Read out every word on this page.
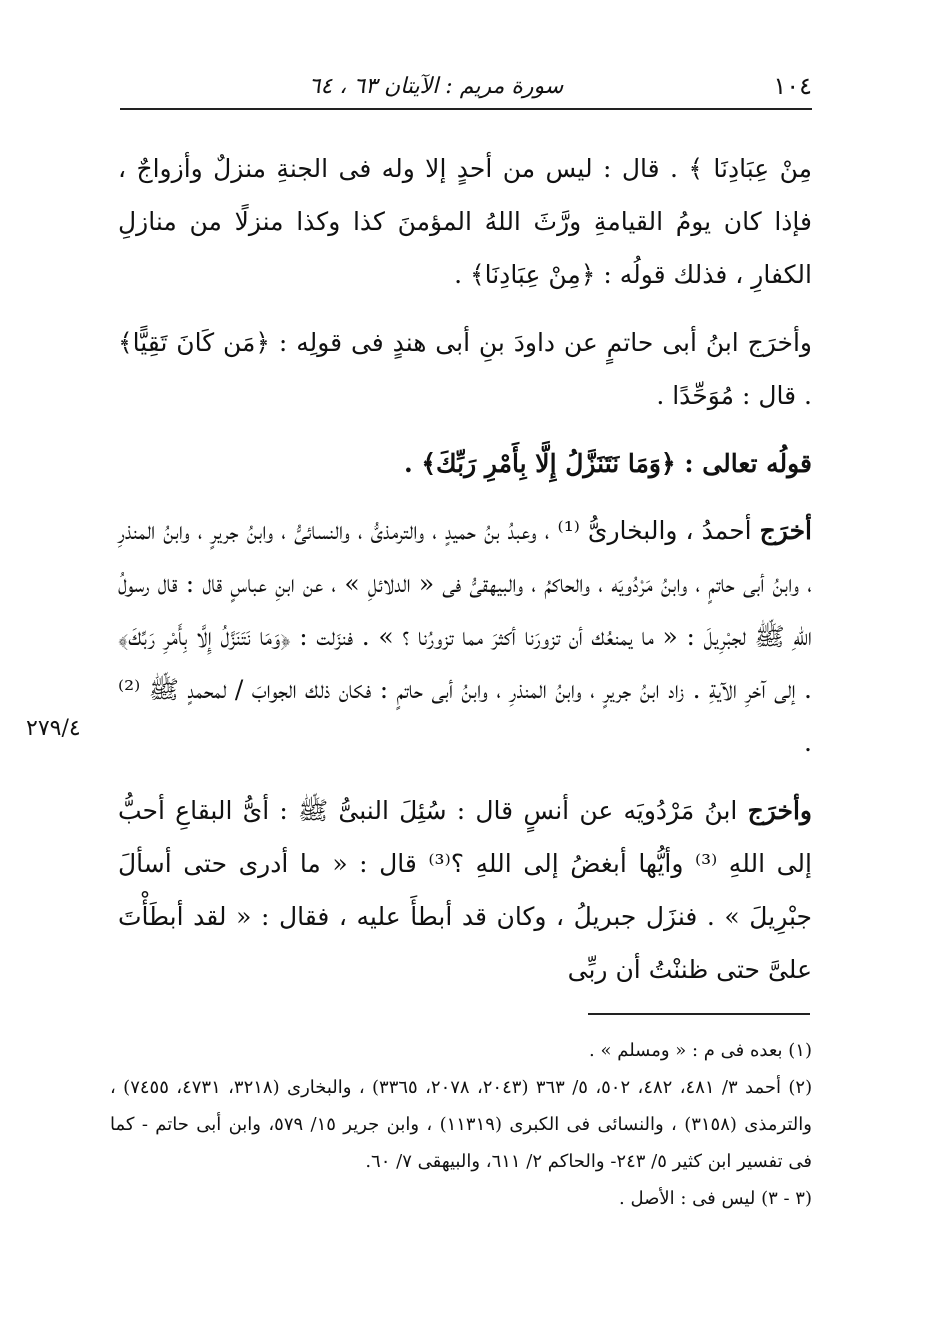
١٠٤
سورة مريم : الآيتان ٦٣ ، ٦٤

مِنْ عِبَادِنَا ﴾ . قال : ليس من أحدٍ إلا وله فى الجنةِ منزلٌ وأزواجٌ ، فإذا كان يومُ القيامةِ ورَّثَ اللهُ المؤمنَ كذا وكذا منزلًا من منازلِ الكفارِ ، فذلك قولُه : ﴿مِنْ عِبَادِنَا﴾ .

وأخرَج ابنُ أبى حاتمٍ عن داودَ بنِ أبى هندٍ فى قولِه : ﴿مَن كَانَ تَقِيًّا﴾ . قال : مُوَحِّدًا .

قولُه تعالى : ﴿وَمَا نَتَنَزَّلُ إِلَّا بِأَمْرِ رَبِّكَ﴾ .

أخرَج أحمدُ ، والبخارىُّ ⁽¹⁾ ، وعبدُ بنُ حميدٍ ، والترمذىُّ ، والنسائىُّ ، وابنُ جريرٍ ، وابنُ المنذرِ ، وابنُ أبى حاتمٍ ، وابنُ مَرْدُويَه ، والحاكمُ ، والبيهقىُّ فى « الدلائلِ » ، عن ابنِ عباسٍ قال : قال رسولُ اللهِ ﷺ لجبْرِيلَ : « ما يمنعُك أن تزورَنا أكثرَ مما تزورُنا ؟ » . فنزَلت : ﴿وَمَا نَتَنَزَّلُ إِلَّا بِأَمْرِ رَبِّكَ﴾ . إلى آخرِ الآيةِ . زاد ابنُ جريرٍ ، وابنُ المنذرِ ، وابنُ أبى حاتمٍ : فكان ذلك الجوابَ / لمحمدٍ ﷺ ⁽²⁾ .

وأخرَج ابنُ مَرْدُويَه عن أنسٍ قال : سُئِلَ النبىُّ ﷺ : أىُّ البقاعِ أحبُّ إلى اللهِ ⁽³⁾ وأيُّها أبغضُ إلى اللهِ ؟⁽³⁾ قال : « ما أدرى حتى أسألَ جبْرِيلَ » . فنزَل جبريلُ ، وكان قد أبطأَ عليه ، فقال : « لقد أبطَأْتَ علىَّ حتى ظننْتُ أن ربِّى

٢٧٩/٤

(١) بعده فى م : « ومسلم » .

(٢) أحمد ٣/ ٤٨١، ٤٨٢، ٥٠٢، ٥/ ٣٦٣ (٢٠٤٣، ٢٠٧٨، ٣٣٦٥) ، والبخارى (٣٢١٨، ٤٧٣١، ٧٤٥٥) ، والترمذى (٣١٥٨) ، والنسائى فى الكبرى (١١٣١٩) ، وابن جرير ١٥/ ٥٧٩، وابن أبى حاتم - كما فى تفسير ابن كثير ٥/ ٢٤٣- والحاكم ٢/ ٦١١، والبيهقى ٧/ ٦٠.

(٣ - ٣) ليس فى : الأصل .
